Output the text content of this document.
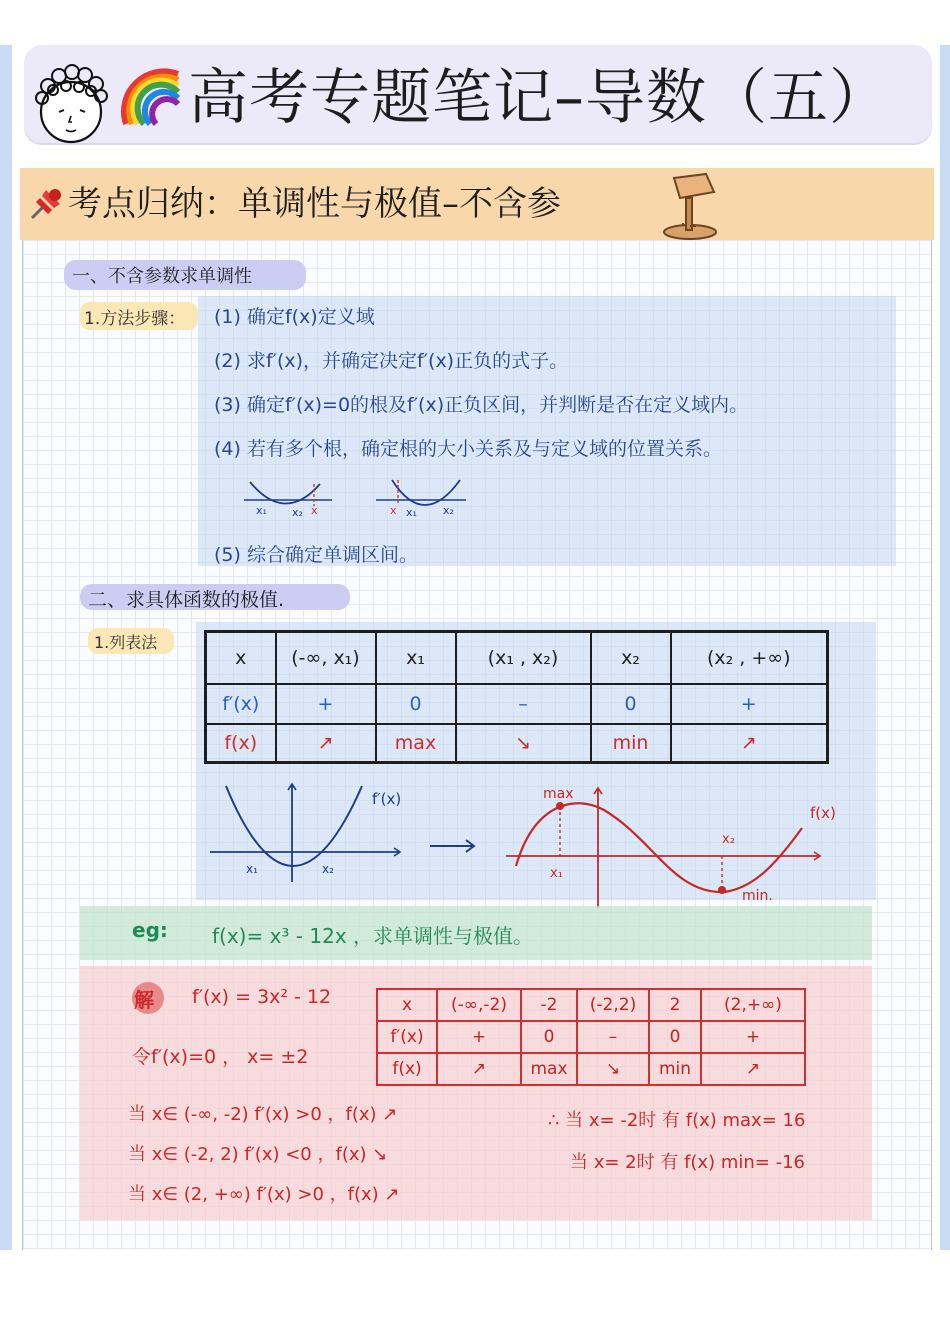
高考专题笔记–导数（五）
考点归纳：单调性与极值–不含参
一、不含参数求单调性
1.方法步骤： (1) 确定f(x)定义域
(2) 求f′(x)，并确定决定f′(x)正负的式子。
(3) 确定f′(x)=0的根及f′(x)正负区间，并判断是否在定义域内。
(4) 若有多个根，确定根的大小关系及与定义域的位置关系。
x₁ x₂ x	x x₁ x₂
(5) 综合确定单调区间。
二、求具体函数的极值.
1.列表法
x	(-∞, x₁)	x₁	(x₁ , x₂)	x₂	(x₂ , +∞)
f′(x)	+	0	–	0	+
f(x)	↗	max	↘	min	↗
f′(x)
x₁	x₂
max
min.
x₁
x₂
f(x)
eg: f(x)= x³ - 12x ，求单调性与极值。
解 f′(x) = 3x² - 12
令f′(x)=0 ， x= ±2
x	(-∞,-2)	-2	(-2,2)	2	(2,+∞)
f′(x)	+	0	–	0	+
f(x)	↗	max	↘	min	↗
当 x∈ (-∞, -2) f′(x) >0 ，f(x) ↗
当 x∈ (-2, 2) f′(x) <0 ，f(x) ↘
当 x∈ (2, +∞) f′(x) >0 ，f(x) ↗
∴ 当 x= -2时 有 f(x) max= 16
当 x= 2时 有 f(x) min= -16
